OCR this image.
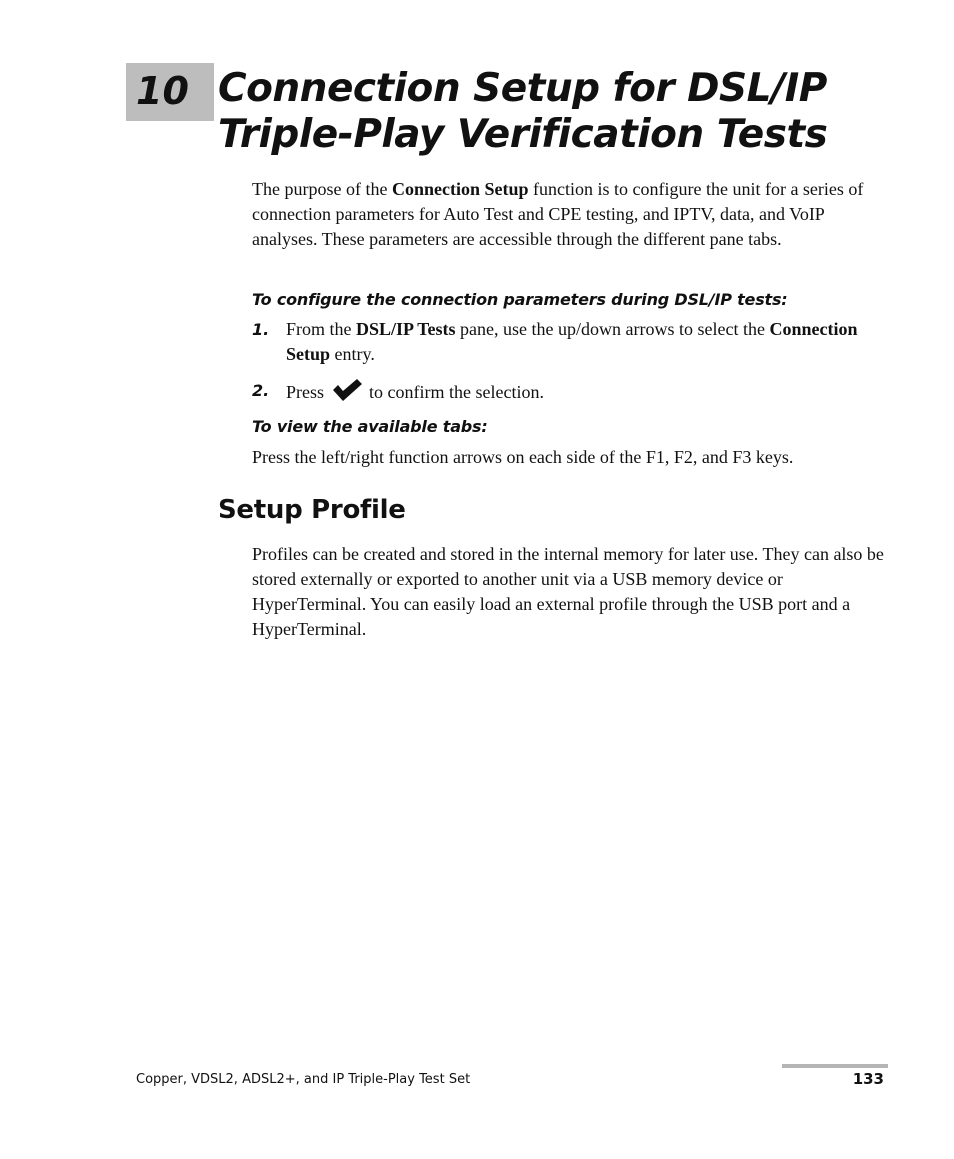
10 Connection Setup for DSL/IP
Triple-Play Verification Tests

The purpose of the Connection Setup function is to configure the unit for a series of connection parameters for Auto Test and CPE testing, and IPTV, data, and VoIP analyses. These parameters are accessible through the different pane tabs.

To configure the connection parameters during DSL/IP tests:

1. From the DSL/IP Tests pane, use the up/down arrows to select the Connection Setup entry.
2. Press  to confirm the selection.

To view the available tabs:

Press the left/right function arrows on each side of the F1, F2, and F3 keys.

Setup Profile

Profiles can be created and stored in the internal memory for later use. They can also be stored externally or exported to another unit via a USB memory device or HyperTerminal. You can easily load an external profile through the USB port and a HyperTerminal.

Copper, VDSL2, ADSL2+, and IP Triple-Play Test Set	133
